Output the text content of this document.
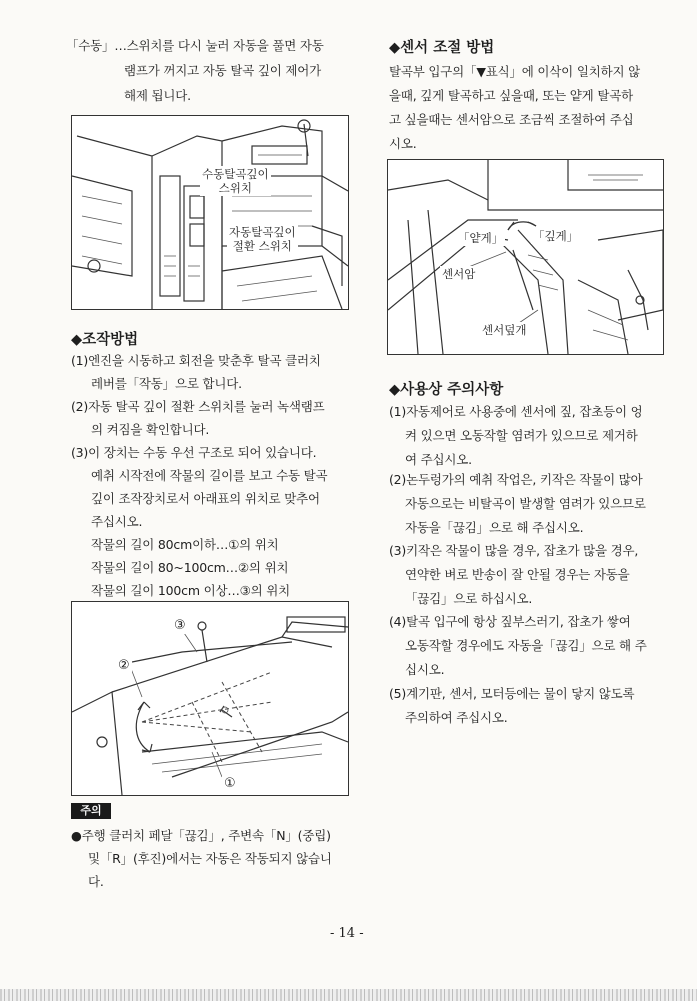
「수동」…스위치를 다시 눌러 자동을 풀면 자동
램프가 꺼지고 자동 탈곡 깊이 제어가
해제 됩니다.
수동탈곡깊이
스위치
자동탈곡깊이
절환 스위치
◆조작방법
(1)엔진을 시동하고 회전을 맞춘후 탈곡 클러치
레버를「작동」으로 합니다.
(2)자동 탈곡 깊이 절환 스위치를 눌러 녹색램프
의 켜짐을 확인합니다.
(3)이 장치는 수동 우선 구조로 되어 있습니다.
예취 시작전에 작물의 길이를 보고 수동 탈곡
깊이 조작장치로서 아래표의 위치로 맞추어
주십시오.
작물의 길이 80cm이하…①의 위치
작물의 길이 80~100cm…②의 위치
작물의 길이 100cm 이상…③의 위치
③
②
①
주의
●주행 클러치 페달「끊김」, 주변속「N」(중립)
및「R」(후진)에서는 자동은 작동되지 않습니
다.
◆센서 조절 방법
탈곡부 입구의「▼표식」에 이삭이 일치하지 않
을때, 깊게 탈곡하고 싶을때, 또는 얕게 탈곡하
고 싶을때는 센서암으로 조금씩 조절하여 주십
시오.
「얕게」	「깊게」
센서암
센서덮개
◆사용상 주의사항
(1)자동제어로 사용중에 센서에 짚, 잡초등이 엉
켜 있으면 오동작할 염려가 있으므로 제거하
여 주십시오.
(2)논두렁가의 예취 작업은, 키작은 작물이 많아
자동으로는 비탈곡이 발생할 염려가 있으므로
자동을「끊김」으로 해 주십시오.
(3)키작은 작물이 많을 경우, 잡초가 많을 경우,
연약한 벼로 반송이 잘 안될 경우는 자동을
「끊김」으로 하십시오.
(4)탈곡 입구에 항상 짚부스러기, 잡초가 쌓여
오동작할 경우에도 자동을「끊김」으로 해 주
십시오.
(5)계기판, 센서, 모터등에는 물이 닿지 않도록
주의하여 주십시오.
- 14 -
